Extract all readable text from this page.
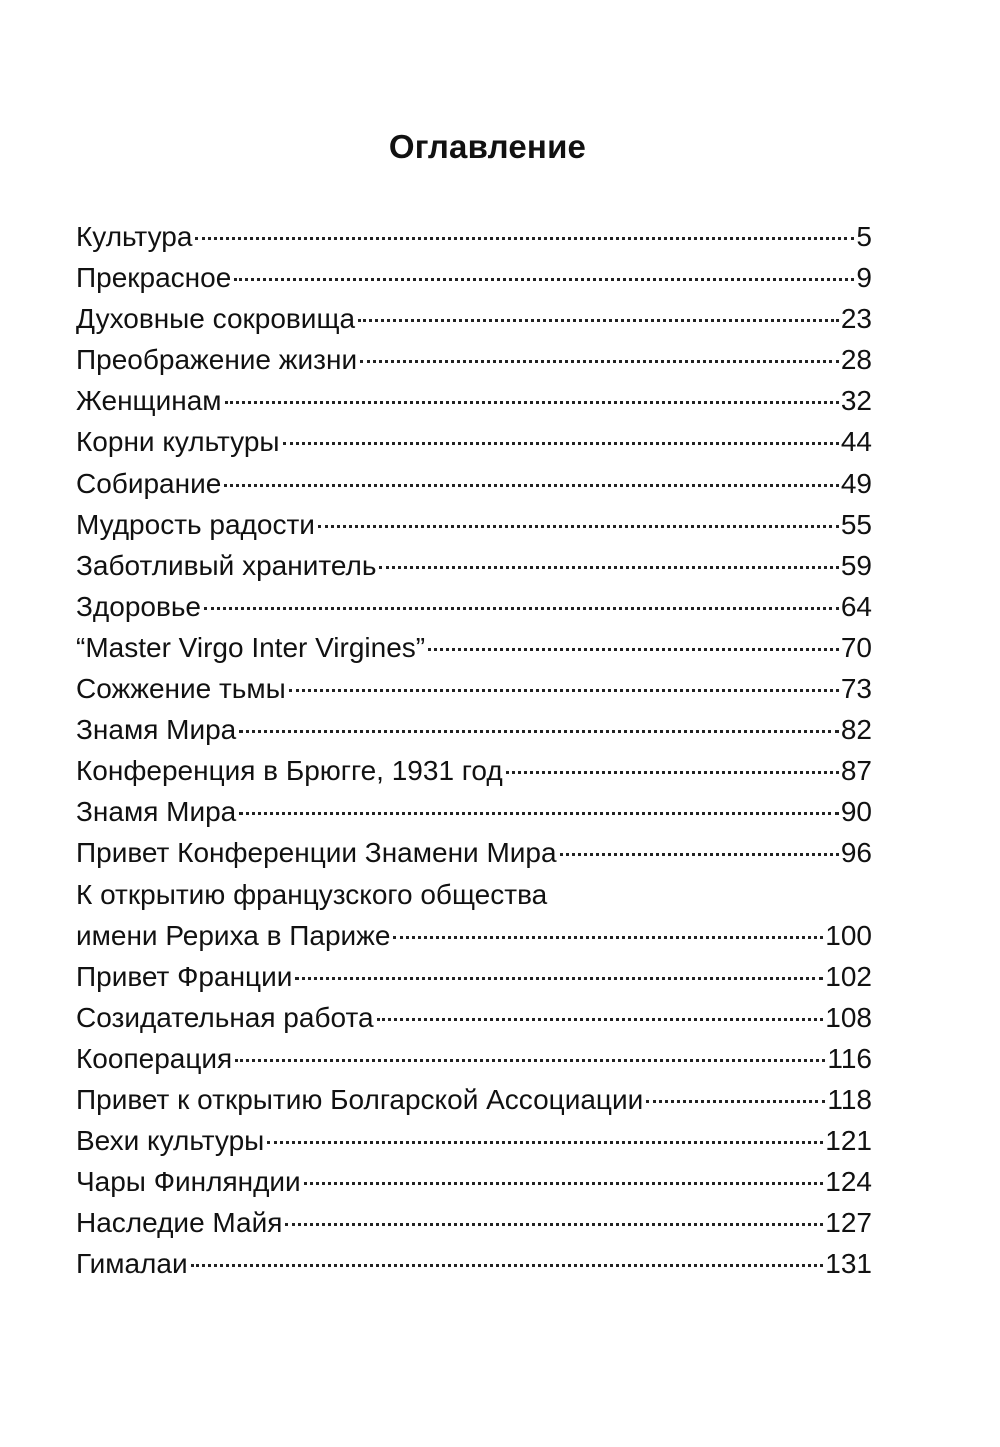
Оглавление
Культура	5
Прекрасное	9
Духовные сокровища	23
Преображение жизни	28
Женщинам	32
Корни культуры	44
Собирание	49
Мудрость радости	55
Заботливый хранитель	59
Здоровье	64
“Master Virgo Inter Virgines”	70
Сожжение тьмы	73
Знамя Мира	82
Конференция в Брюгге, 1931 год	87
Знамя Мира	90
Привет Конференции Знамени Мира	96
К открытию французского общества
имени Рериха в Париже	100
Привет Франции	102
Созидательная работа	108
Кооперация	116
Привет к открытию Болгарской Ассоциации	118
Вехи культуры	121
Чары Финляндии	124
Наследие Майя	127
Гималаи	131
